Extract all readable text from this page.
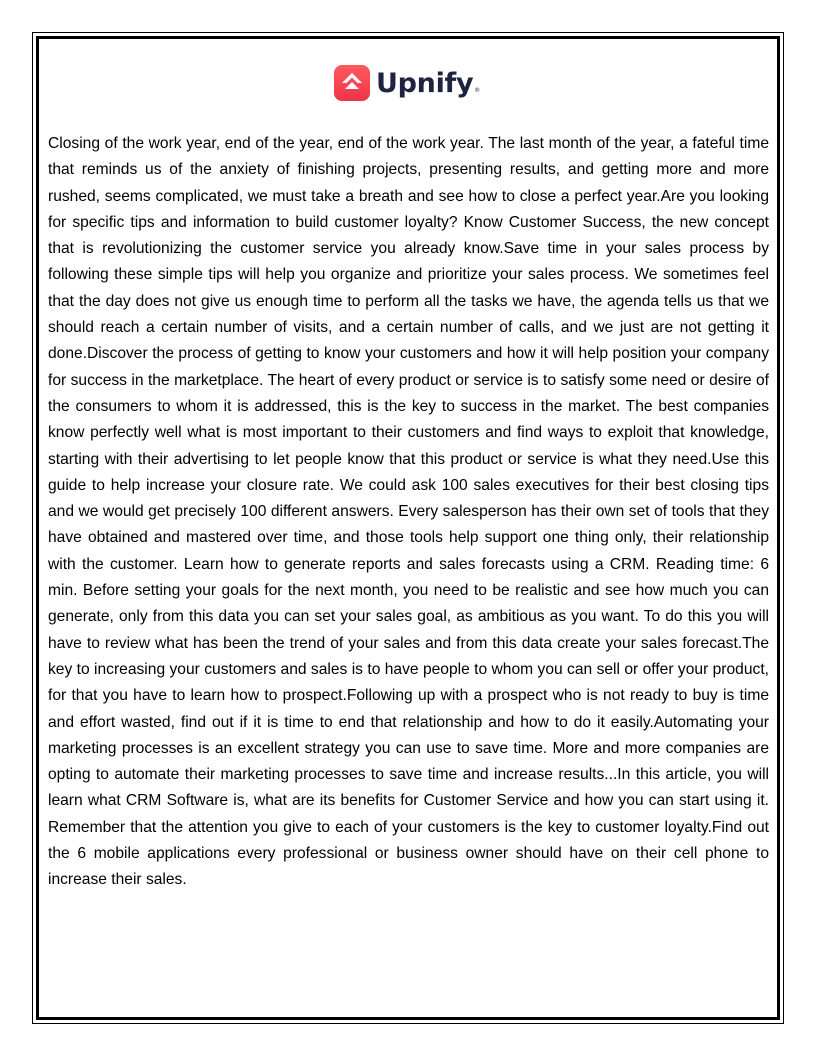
Upnify ®

Closing of the work year, end of the year, end of the work year. The last month of the year, a fateful time that reminds us of the anxiety of finishing projects, presenting results, and getting more and more rushed, seems complicated, we must take a breath and see how to close a perfect year.Are you looking for specific tips and information to build customer loyalty? Know Customer Success, the new concept that is revolutionizing the customer service you already know.Save time in your sales process by following these simple tips will help you organize and prioritize your sales process. We sometimes feel that the day does not give us enough time to perform all the tasks we have, the agenda tells us that we should reach a certain number of visits, and a certain number of calls, and we just are not getting it done.Discover the process of getting to know your customers and how it will help position your company for success in the marketplace. The heart of every product or service is to satisfy some need or desire of the consumers to whom it is addressed, this is the key to success in the market. The best companies know perfectly well what is most important to their customers and find ways to exploit that knowledge, starting with their advertising to let people know that this product or service is what they need.Use this guide to help increase your closure rate. We could ask 100 sales executives for their best closing tips and we would get precisely 100 different answers. Every salesperson has their own set of tools that they have obtained and mastered over time, and those tools help support one thing only, their relationship with the customer. Learn how to generate reports and sales forecasts using a CRM. Reading time: 6 min. Before setting your goals for the next month, you need to be realistic and see how much you can generate, only from this data you can set your sales goal, as ambitious as you want. To do this you will have to review what has been the trend of your sales and from this data create your sales forecast.The key to increasing your customers and sales is to have people to whom you can sell or offer your product, for that you have to learn how to prospect.Following up with a prospect who is not ready to buy is time and effort wasted, find out if it is time to end that relationship and how to do it easily.Automating your marketing processes is an excellent strategy you can use to save time. More and more companies are opting to automate their marketing processes to save time and increase results...In this article, you will learn what CRM Software is, what are its benefits for Customer Service and how you can start using it. Remember that the attention you give to each of your customers is the key to customer loyalty.Find out the 6 mobile applications every professional or business owner should have on their cell phone to increase their sales.
